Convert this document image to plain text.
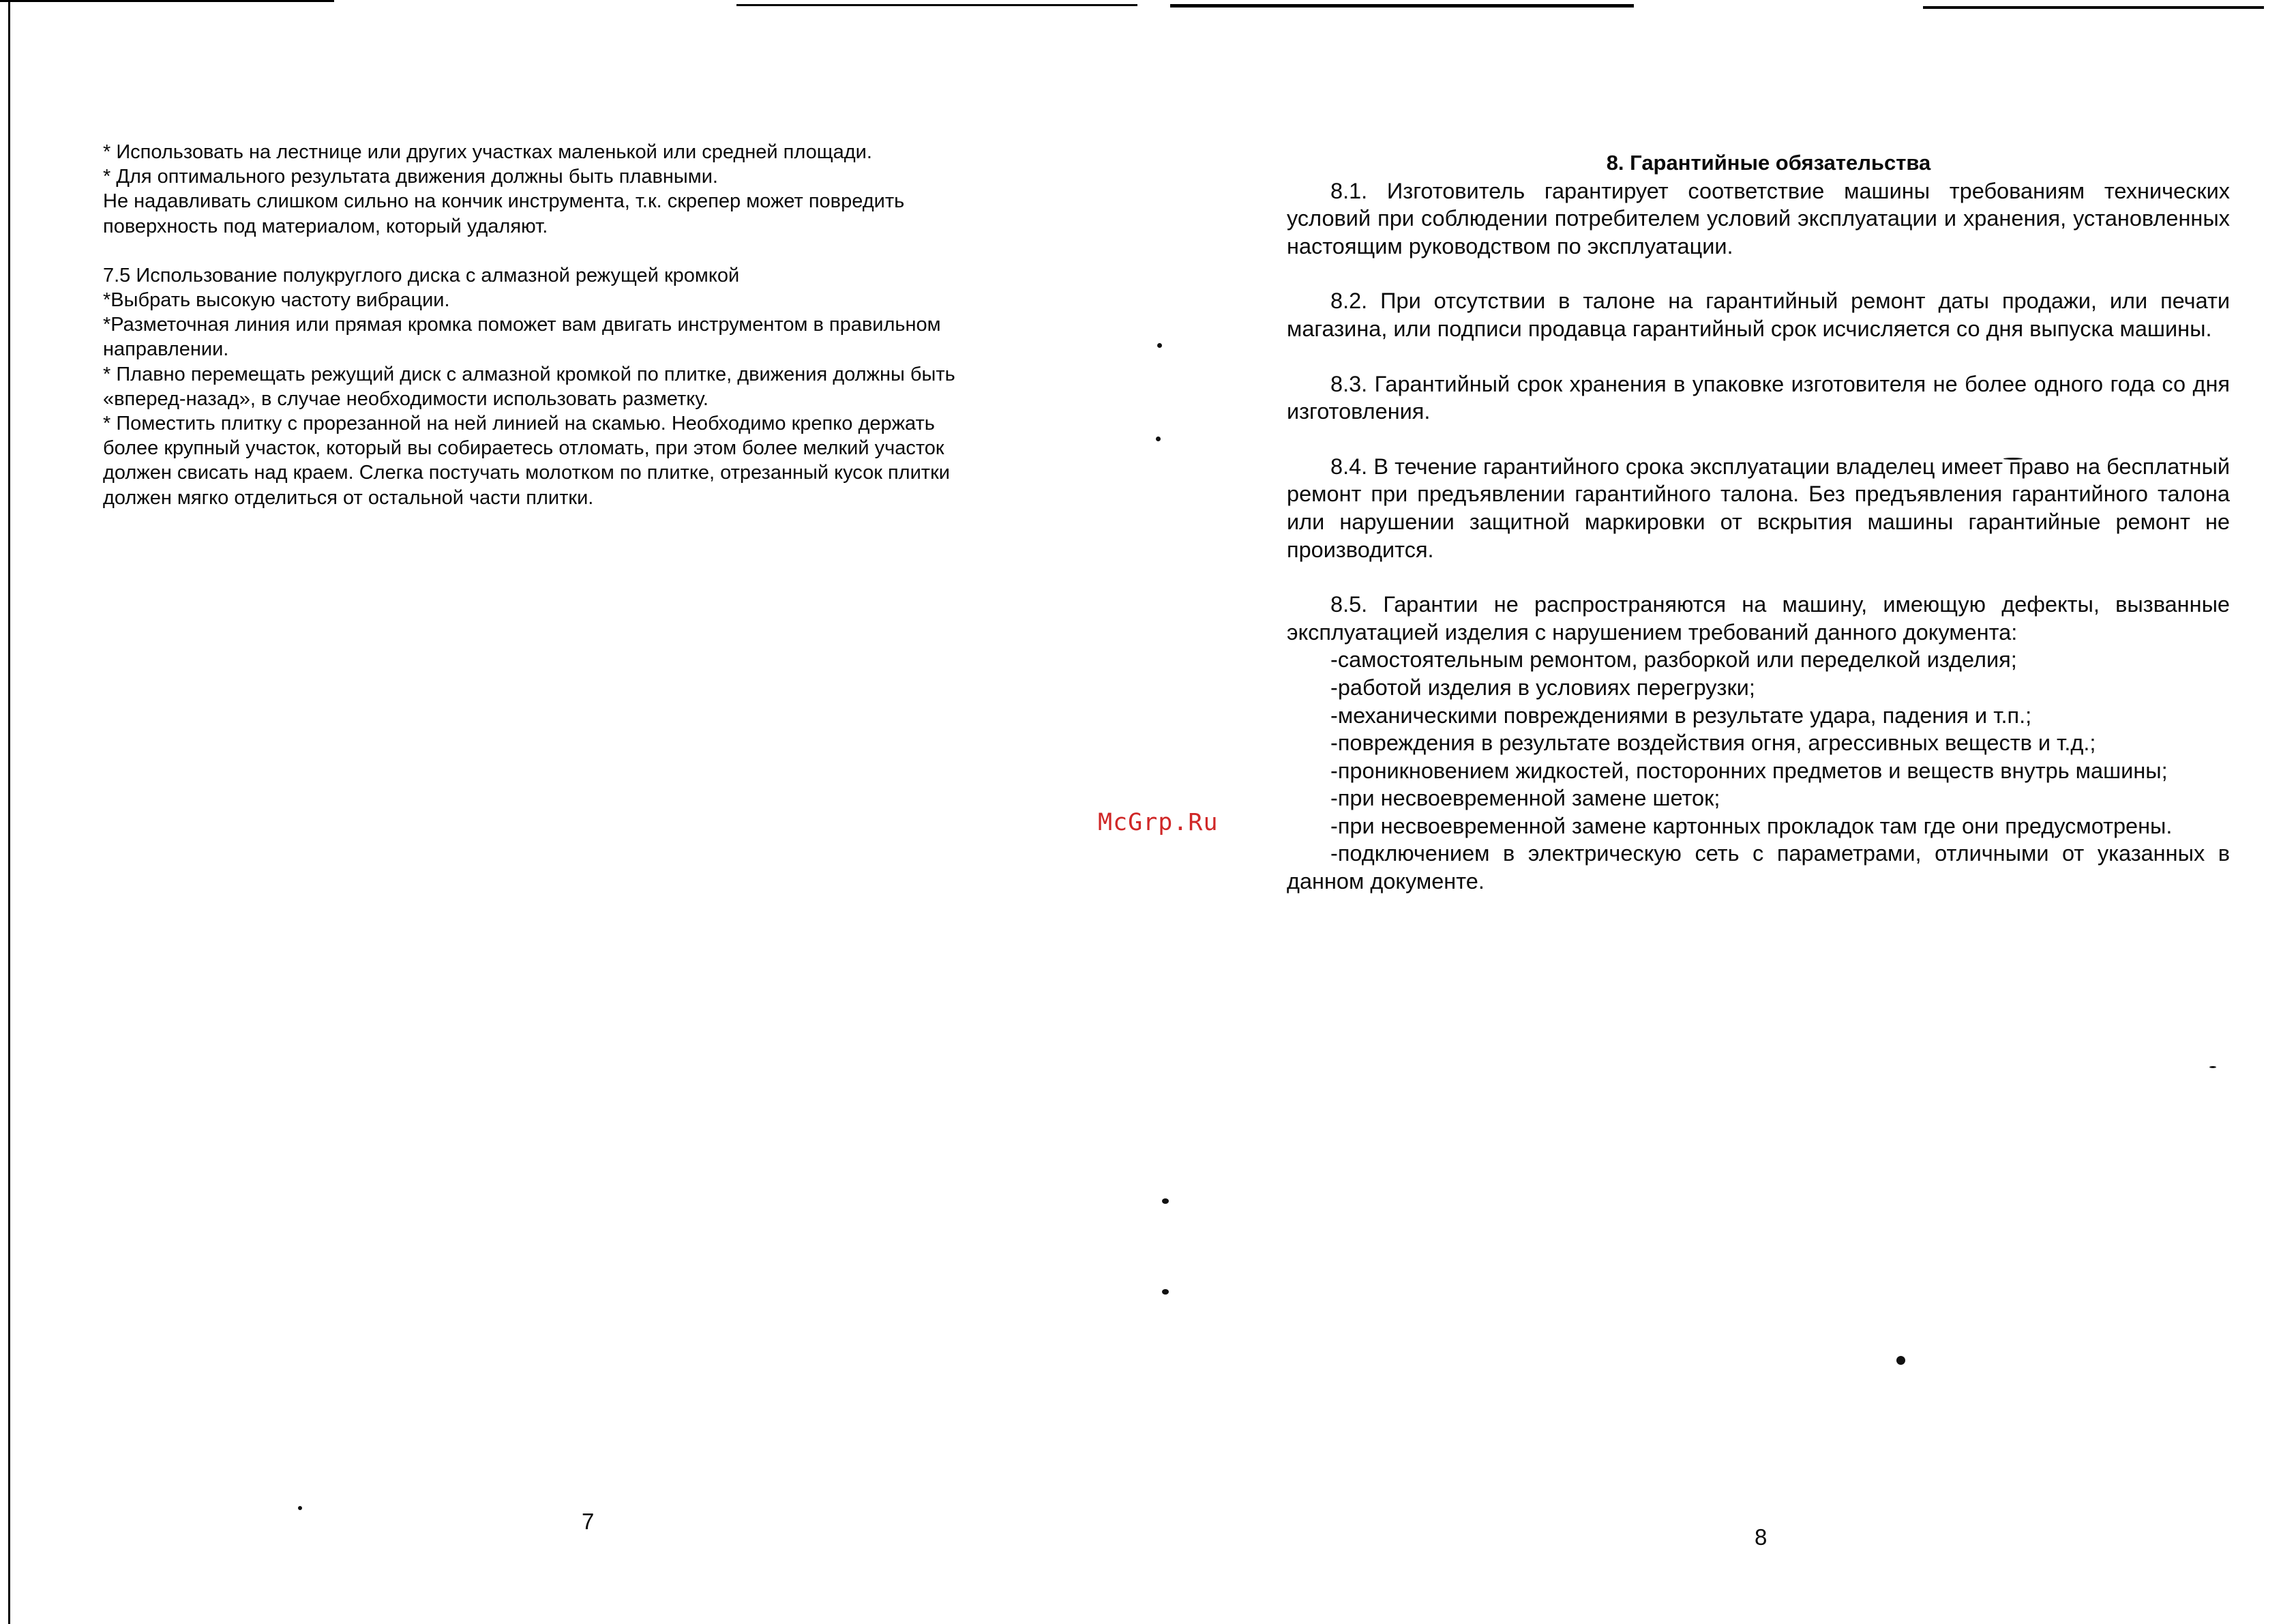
* Использовать на лестнице или других участках маленькой или средней площади.

* Для оптимального результата движения должны быть плавными.

Не надавливать слишком сильно на кончик инструмента, т.к. скрепер может повредить

поверхность под материалом, который удаляют.

7.5 Использование полукруглого диска с алмазной режущей кромкой

*Выбрать высокую частоту вибрации.

*Разметочная линия или прямая кромка поможет вам двигать инструментом в правильном

направлении.

* Плавно перемещать режущий диск с алмазной кромкой по плитке, движения должны быть

«вперед-назад», в случае необходимости использовать разметку.

* Поместить плитку с прорезанной на ней линией на скамью. Необходимо крепко держать

более крупный участок, который вы собираетесь отломать, при этом более мелкий участок

должен свисать над краем. Слегка постучать молотком по плитке, отрезанный кусок плитки

должен мягко отделиться от остальной части плитки.

7

8. Гарантийные обязательства

8.1. Изготовитель гарантирует соответствие машины требованиям технических условий при соблюдении потребителем условий эксплуатации и хранения, установленных настоящим руководством по эксплуатации.

8.2. При отсутствии в талоне на гарантийный ремонт даты продажи, или печати магазина, или подписи продавца гарантийный срок исчисляется со дня выпуска машины.

8.3. Гарантийный срок хранения в упаковке изготовителя не более одного года со дня изготовления.

8.4. В течение гарантийного срока эксплуатации владелец имеет право на бесплатный ремонт при предъявлении гарантийного талона. Без предъявления гарантийного талона или нарушении защитной маркировки от вскрытия машины гарантийные ремонт не производится.

8.5. Гарантии не распространяются на машину, имеющую дефекты, вызванные эксплуатацией изделия с нарушением требований данного документа:

-самостоятельным ремонтом, разборкой или переделкой изделия;

-работой изделия в условиях перегрузки;

-механическими повреждениями в результате удара, падения и т.п.;

-повреждения в результате воздействия огня, агрессивных веществ и т.д.;

-проникновением жидкостей, посторонних предметов и веществ внутрь машины;

-при несвоевременной замене шеток;

-при несвоевременной замене картонных прокладок там где они предусмотрены.

-подключением в электрическую сеть с параметрами, отличными от указанных в данном документе.

8
McGrp.Ru
